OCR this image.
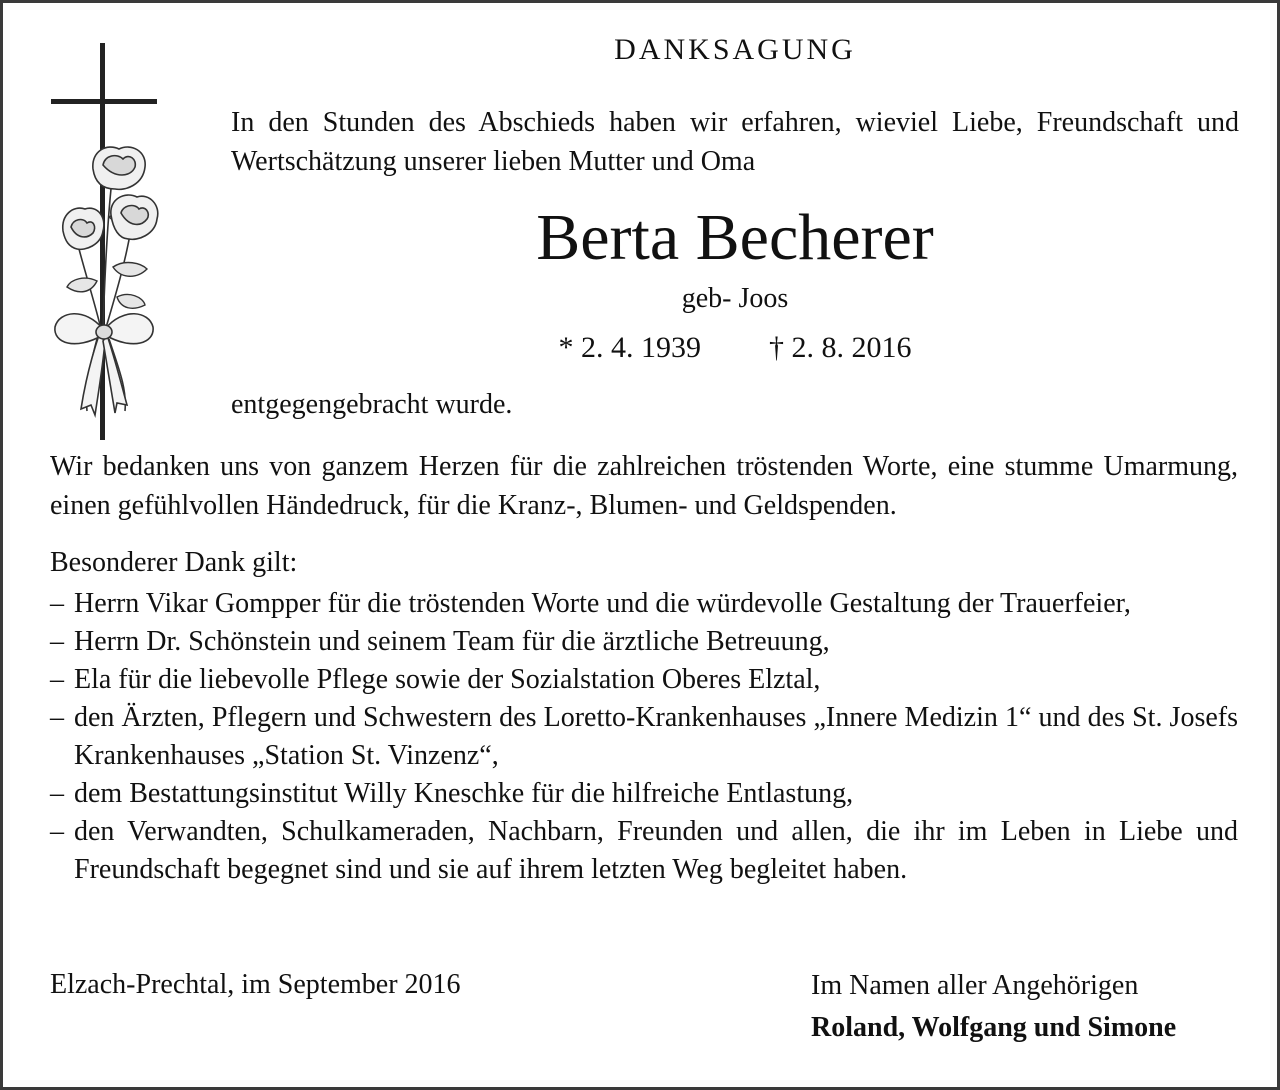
DANKSAGUNG

In den Stunden des Abschieds haben wir erfahren, wieviel Liebe, Freundschaft und Wertschätzung unserer lieben Mutter und Oma

Berta Becherer
geb- Joos
* 2. 4. 1939 † 2. 8. 2016
entgegengebracht wurde.

Wir bedanken uns von ganzem Herzen für die zahlreichen tröstenden Worte, eine stumme Umarmung, einen gefühlvollen Händedruck, für die Kranz-, Blumen- und Geldspenden.

Besonderer Dank gilt:
– Herrn Vikar Gompper für die tröstenden Worte und die würdevolle Gestaltung der Trauerfeier,
– Herrn Dr. Schönstein und seinem Team für die ärztliche Betreuung,
– Ela für die liebevolle Pflege sowie der Sozialstation Oberes Elztal,
– den Ärzten, Pflegern und Schwestern des Loretto-Krankenhauses „Innere Medizin 1“ und des St. Josefs Krankenhauses „Station St. Vinzenz“,
– dem Bestattungsinstitut Willy Kneschke für die hilfreiche Entlastung,
– den Verwandten, Schulkameraden, Nachbarn, Freunden und allen, die ihr im Leben in Liebe und Freundschaft begegnet sind und sie auf ihrem letzten Weg begleitet haben.
Elzach-Prechtal, im September 2016	Im Namen aller Angehörigen
Roland, Wolfgang und Simone
